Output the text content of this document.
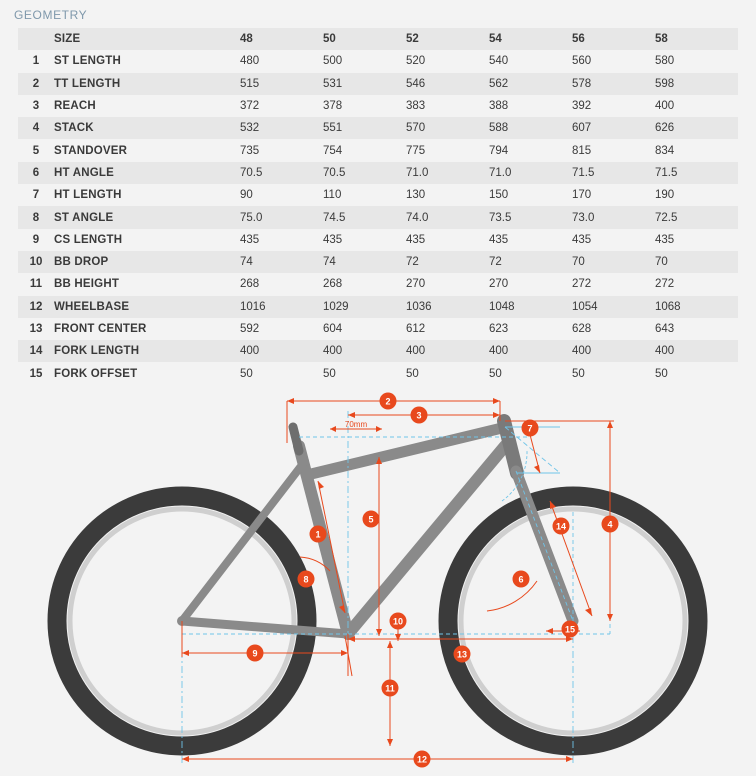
GEOMETRY
	SIZE	48	50	52	54	56	58
1	ST LENGTH	480	500	520	540	560	580
2	TT LENGTH	515	531	546	562	578	598
3	REACH	372	378	383	388	392	400
4	STACK	532	551	570	588	607	626
5	STANDOVER	735	754	775	794	815	834
6	HT ANGLE	70.5	70.5	71.0	71.0	71.5	71.5
7	HT LENGTH	90	110	130	150	170	190
8	ST ANGLE	75.0	74.5	74.0	73.5	73.0	72.5
9	CS LENGTH	435	435	435	435	435	435
10	BB DROP	74	74	72	72	70	70
11	BB HEIGHT	268	268	270	270	272	272
12	WHEELBASE	1016	1029	1036	1048	1054	1068
13	FRONT CENTER	592	604	612	623	628	643
14	FORK LENGTH	400	400	400	400	400	400
15	FORK OFFSET	50	50	50	50	50	50
70mm
2
3
7
4
5
1
14
8	6
15
10
9	13
11
12
